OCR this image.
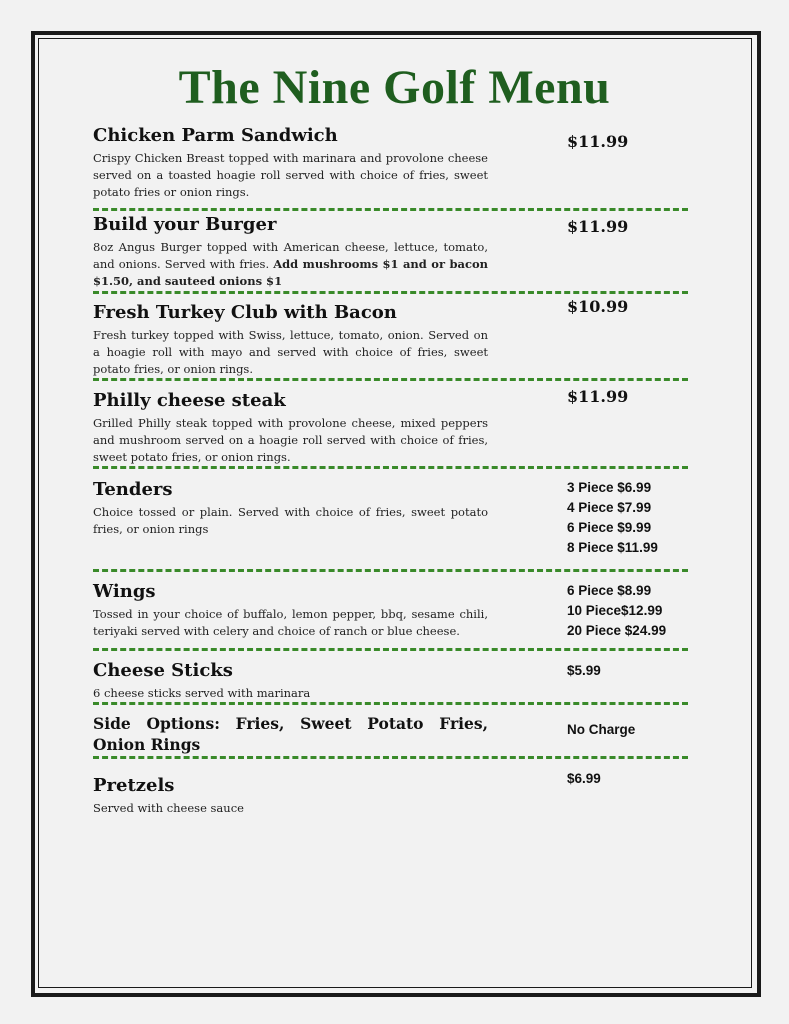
The Nine Golf Menu
Chicken Parm Sandwich
Crispy Chicken Breast topped with marinara and provolone cheese served on a toasted hoagie roll served with choice of fries, sweet potato fries or onion rings.
$11.99
Build your Burger
8oz Angus Burger topped with American cheese, lettuce, tomato, and onions. Served with fries. Add mushrooms $1 and or bacon $1.50, and sauteed onions $1
$11.99
Fresh Turkey Club with Bacon
Fresh turkey topped with Swiss, lettuce, tomato, onion. Served on a hoagie roll with mayo and served with choice of fries, sweet potato fries, or onion rings.
$10.99
Philly cheese steak
Grilled Philly steak topped with provolone cheese, mixed peppers and mushroom served on a hoagie roll served with choice of fries, sweet potato fries, or onion rings.
$11.99
Tenders
Choice tossed or plain. Served with choice of fries, sweet potato fries, or onion rings
3 Piece $6.99
4 Piece $7.99
6 Piece $9.99
8 Piece $11.99
Wings
Tossed in your choice of buffalo, lemon pepper, bbq, sesame chili, teriyaki served with celery and choice of ranch or blue cheese.
6 Piece $8.99
10 Piece$12.99
20 Piece $24.99
Cheese Sticks
6 cheese sticks served with marinara
$5.99
Side Options: Fries, Sweet Potato Fries, Onion Rings
No Charge
Pretzels
Served with cheese sauce
$6.99
